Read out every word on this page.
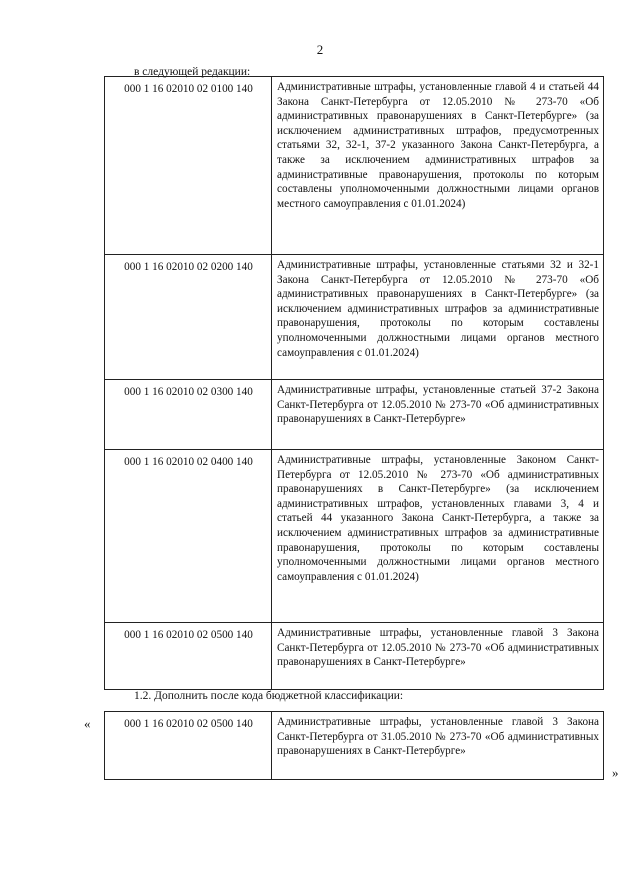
2
в следующей редакции:
000 1 16 02010 02 0100 140	Административные штрафы, установленные главой 4 и статьей 44 Закона Санкт-Петербурга от 12.05.2010 № 273-70 «Об административных правонарушениях в Санкт-Петербурге» (за исключением административных штрафов, предусмотренных статьями 32, 32-1, 37-2 указанного Закона Санкт-Петербурга, а также за исключением административных штрафов за административные правонарушения, протоколы по которым составлены уполномоченными должностными лицами органов местного самоуправления с 01.01.2024)
000 1 16 02010 02 0200 140	Административные штрафы, установленные статьями 32 и 32-1 Закона Санкт-Петербурга от 12.05.2010 № 273-70 «Об административных правонарушениях в Санкт-Петербурге» (за исключением административных штрафов за административные правонарушения, протоколы по которым составлены уполномоченными должностными лицами органов местного самоуправления с 01.01.2024)
000 1 16 02010 02 0300 140	Административные штрафы, установленные статьей 37-2 Закона Санкт-Петербурга от 12.05.2010 № 273-70 «Об административных правонарушениях в Санкт-Петербурге»
000 1 16 02010 02 0400 140	Административные штрафы, установленные Законом Санкт-Петербурга от 12.05.2010 № 273-70 «Об административных правонарушениях в Санкт-Петербурге» (за исключением административных штрафов, установленных главами 3, 4 и статьей 44 указанного Закона Санкт-Петербурга, а также за исключением административных штрафов за административные правонарушения, протоколы по которым составлены уполномоченными должностными лицами органов местного самоуправления с 01.01.2024)
000 1 16 02010 02 0500 140	Административные штрафы, установленные главой 3 Закона Санкт-Петербурга от 12.05.2010 № 273-70 «Об административных правонарушениях в Санкт-Петербурге»
1.2. Дополнить после кода бюджетной классификации:
«	000 1 16 02010 02 0500 140	Административные штрафы, установленные главой 3 Закона Санкт-Петербурга от 31.05.2010 № 273-70 «Об административных правонарушениях в Санкт-Петербурге»
»
